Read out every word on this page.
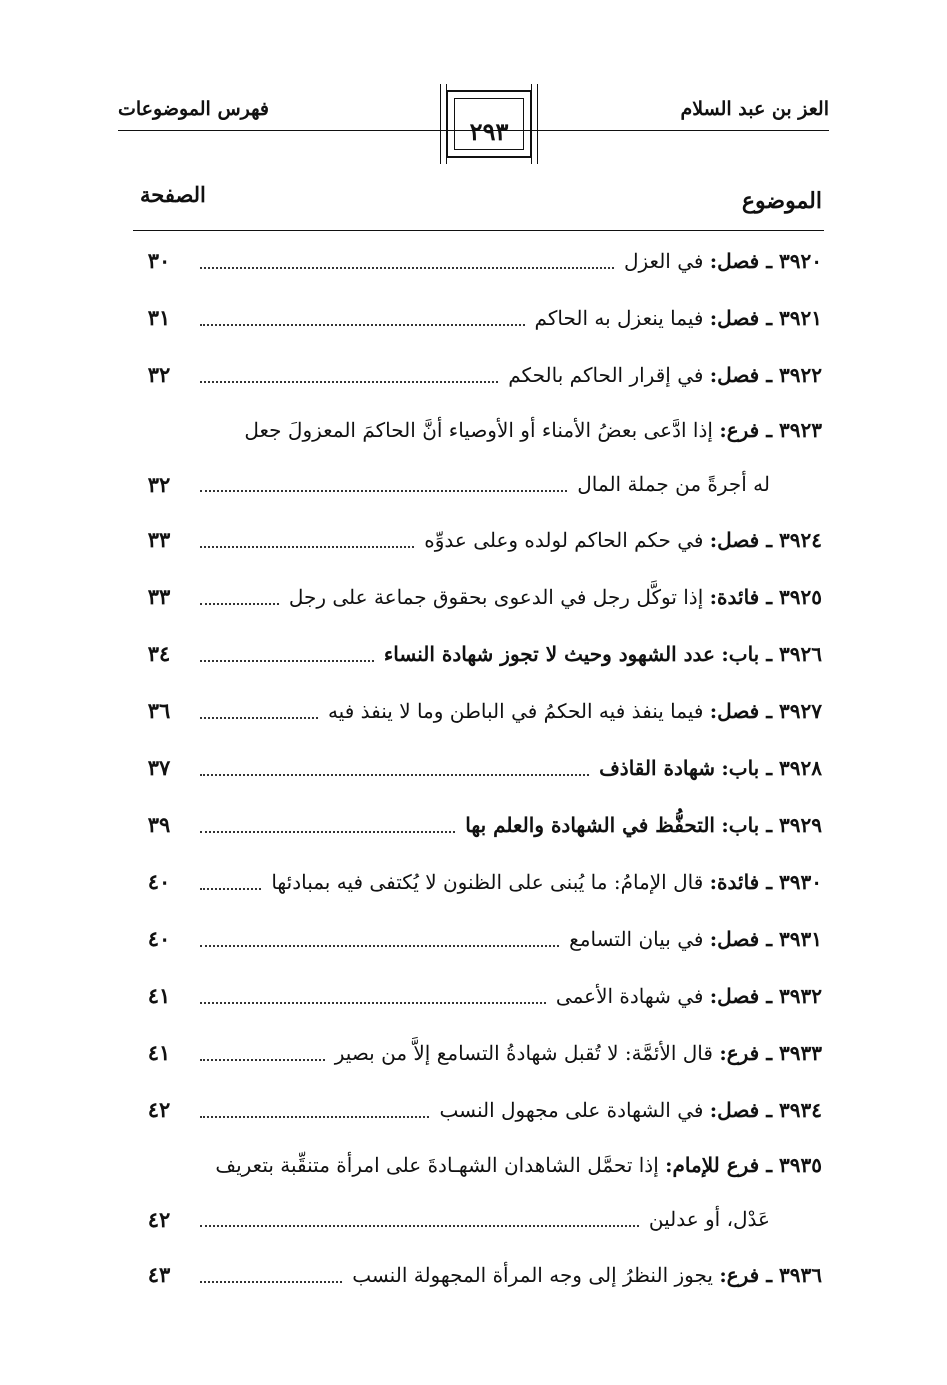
العز بن عبد السلام
٢٩٣
فهرس الموضوعات
الموضوع
الصفحة
٣٩٢٠
ـ
فصل:

في العزل
٣٠
٣٩٢١
ـ
فصل:

فيما ينعزل به الحاكم
٣١
٣٩٢٢
ـ
فصل:

في إقرار الحاكم بالحكم
٣٢
٣٩٢٣
ـ
فرع:

إذا ادَّعى بعضُ الأمناء أو الأوصياء أنَّ الحاكمَ المعزولَ جعل
له أجرةً من جملة المال
٣٢
٣٩٢٤
ـ
فصل:

في حكم الحاكم لولده وعلى عدوِّه
٣٣
٣٩٢٥
ـ
فائدة:

إذا توكَّل رجل في الدعوى بحقوق جماعة على رجل
٣٣
٣٩٢٦
ـ
باب:

عدد الشهود وحيث لا تجوز شهادة النساء
٣٤
٣٩٢٧
ـ
فصل:

فيما ينفذ فيه الحكمُ في الباطن وما لا ينفذ فيه
٣٦
٣٩٢٨
ـ
باب:

شهادة القاذف
٣٧
٣٩٢٩
ـ
باب:

التحفُّظ في الشهادة والعلم بها
٣٩
٣٩٣٠
ـ
فائدة:

قال الإمامُ: ما يُبنى على الظنون لا يُكتفى فيه بمبادئها
٤٠
٣٩٣١
ـ
فصل:

في بيان التسامع
٤٠
٣٩٣٢
ـ
فصل:

في شهادة الأعمى
٤١
٣٩٣٣
ـ
فرع:

قال الأئمَّة: لا تُقبل شهادةُ التسامع إلاَّ من بصير
٤١
٣٩٣٤
ـ
فصل:

في الشهادة على مجهول النسب
٤٢
٣٩٣٥
ـ
فرع للإمام:

إذا تحمَّل الشاهدان الشهـادةَ على امرأة متنقِّبة بتعريف
عَدْل، أو عدلين
٤٢
٣٩٣٦
ـ
فرع:

يجوز النظرُ إلى وجه المرأة المجهولة النسب
٤٣
